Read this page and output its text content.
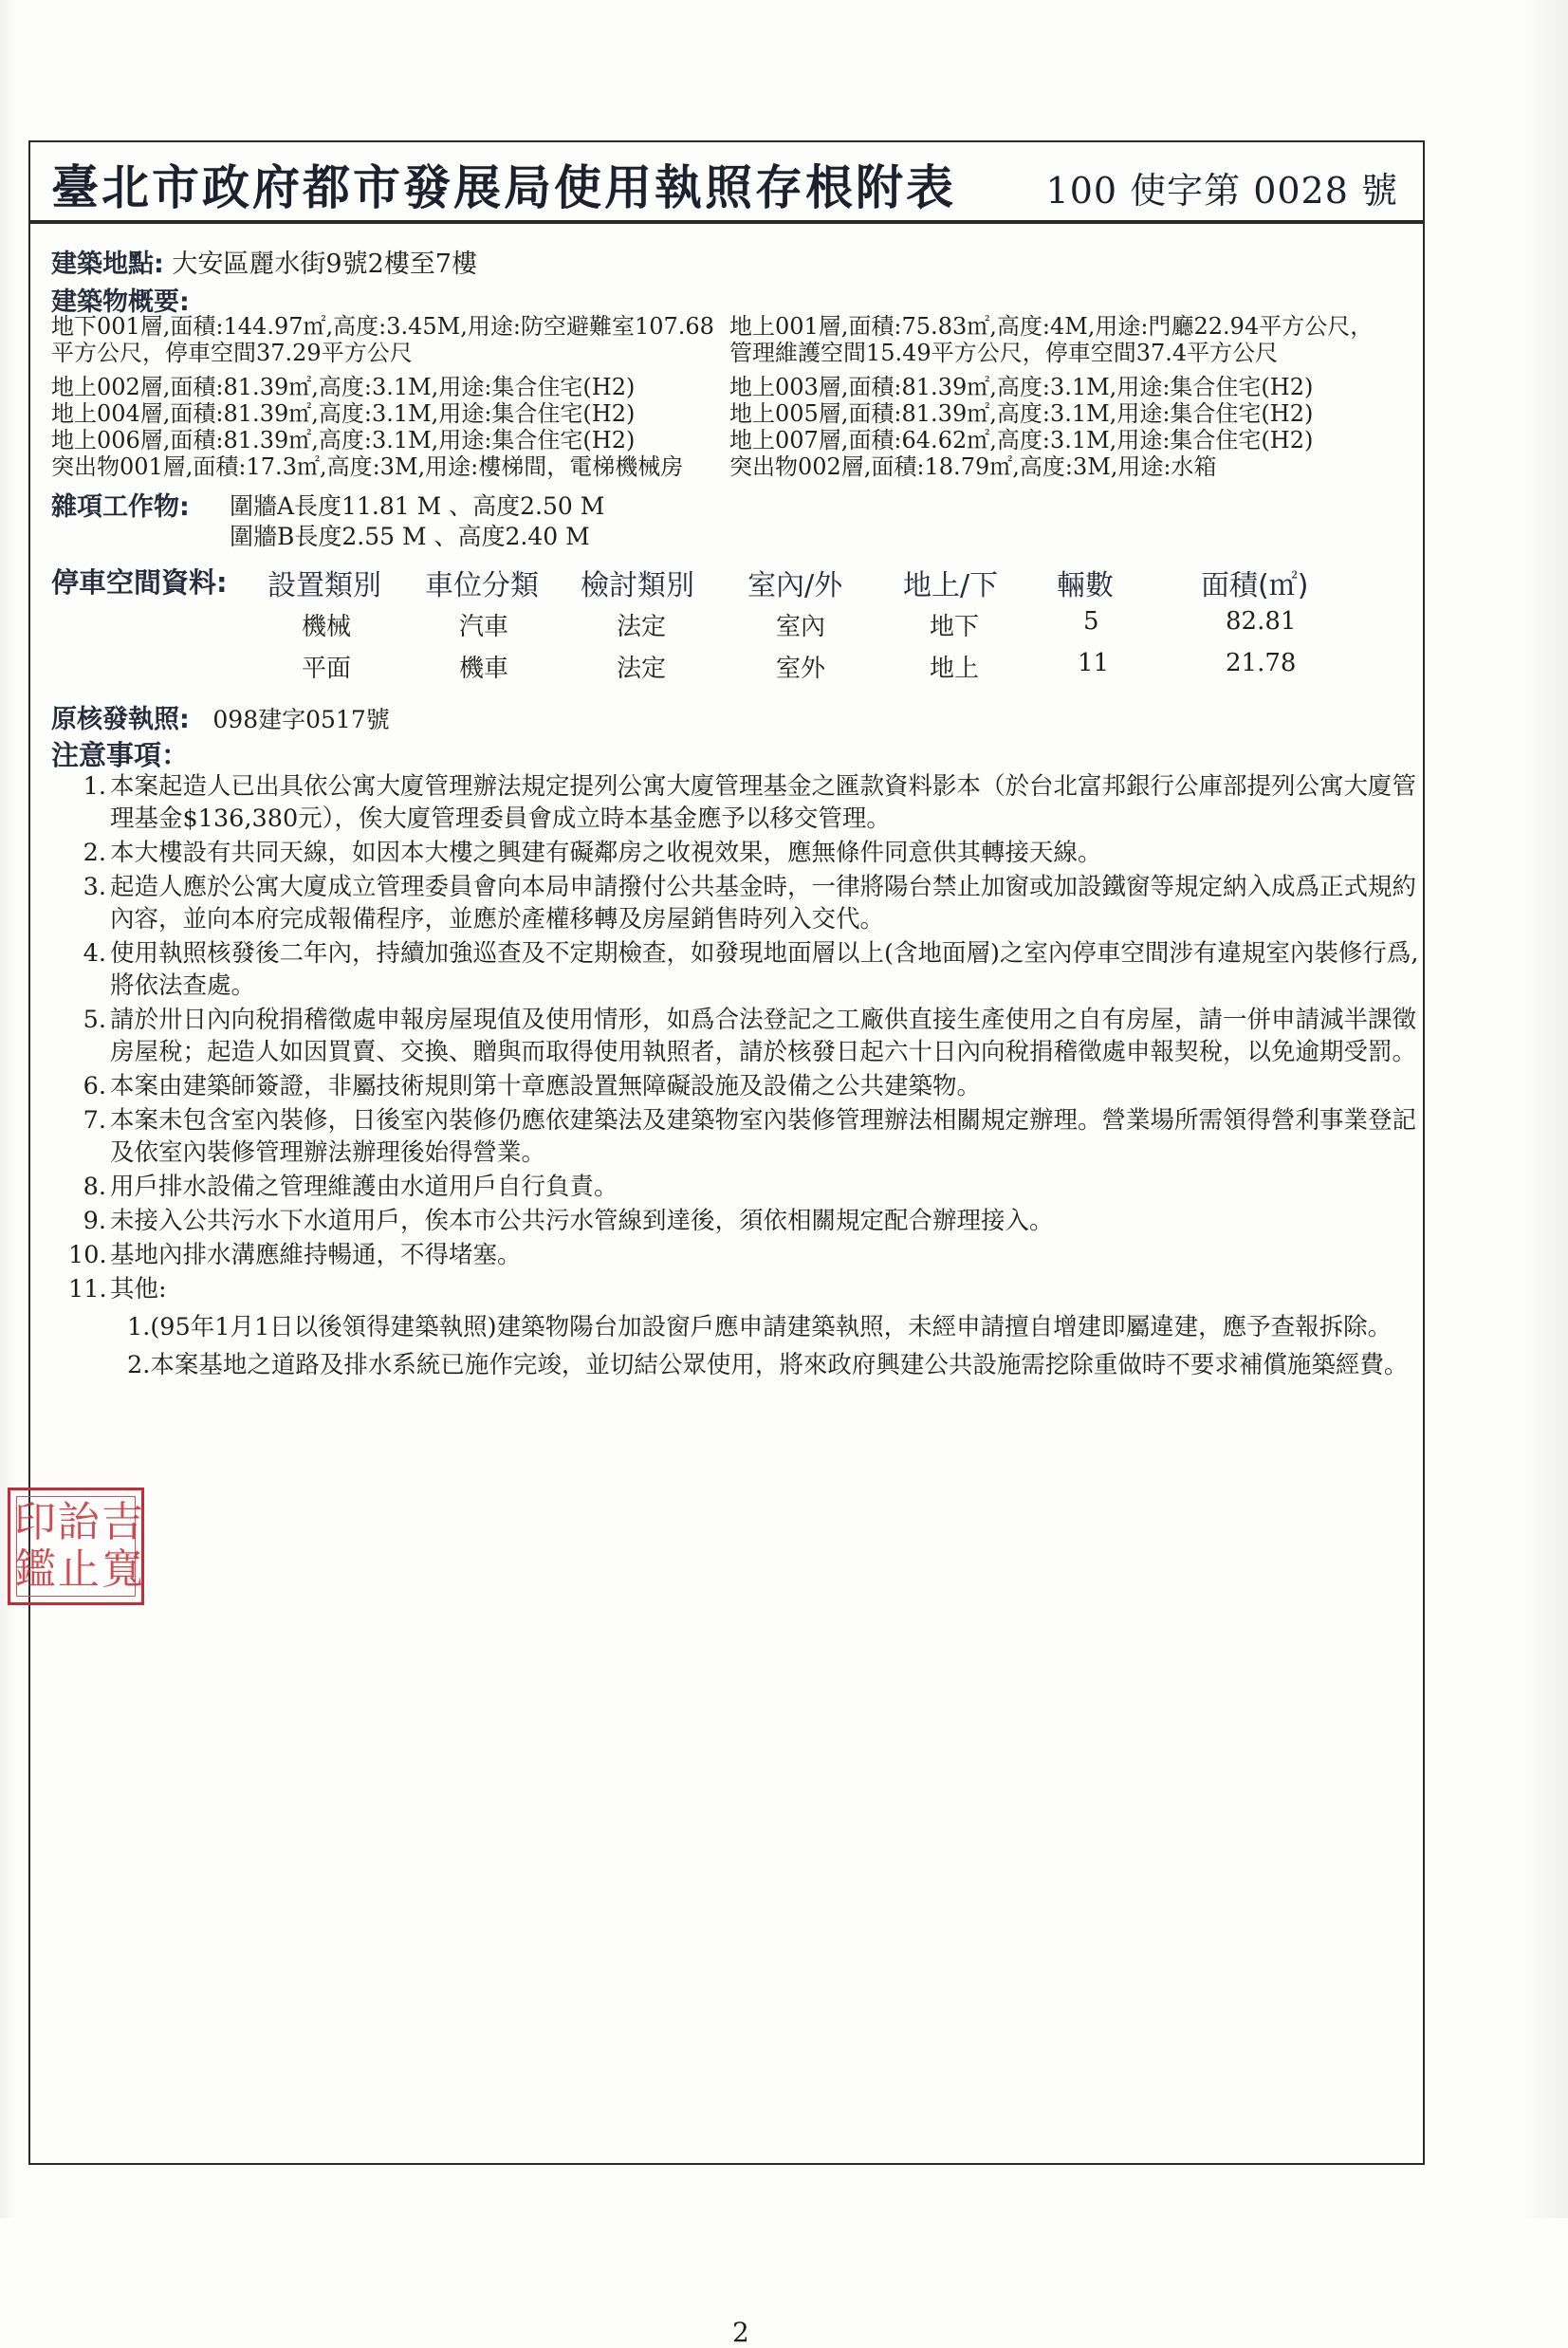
臺北市政府都市發展局使用執照存根附表 100 使字第 0028 號
建築地點: 大安區麗水街9號2樓至7樓
建築物概要:
地下001層,面積:144.97㎡,高度:3.45M,用途:防空避難室107.68
平方公尺，停車空間37.29平方公尺
地上002層,面積:81.39㎡,高度:3.1M,用途:集合住宅(H2)
地上004層,面積:81.39㎡,高度:3.1M,用途:集合住宅(H2)
地上006層,面積:81.39㎡,高度:3.1M,用途:集合住宅(H2)
突出物001層,面積:17.3㎡,高度:3M,用途:樓梯間，電梯機械房
地上001層,面積:75.83㎡,高度:4M,用途:門廳22.94平方公尺，
管理維護空間15.49平方公尺，停車空間37.4平方公尺
地上003層,面積:81.39㎡,高度:3.1M,用途:集合住宅(H2)
地上005層,面積:81.39㎡,高度:3.1M,用途:集合住宅(H2)
地上007層,面積:64.62㎡,高度:3.1M,用途:集合住宅(H2)
突出物002層,面積:18.79㎡,高度:3M,用途:水箱
雜項工作物: 圍牆A長度11.81 M 、高度2.50 M
圍牆B長度2.55 M 、高度2.40 M
停車空間資料: 設置類別 車位分類 檢討類別 室內/外 地上/下 輛數	面積(㎡)
機械	汽車	法定	室內	地下	5	82.81
平面	機車	法定	室外	地上	11	21.78
原核發執照: 098建字0517號
注意事項：
1. 本案起造人已出具依公寓大廈管理辦法規定提列公寓大廈管理基金之匯款資料影本（於台北富邦銀行公庫部提列公寓大廈管理基金$136,380元），俟大廈管理委員會成立時本基金應予以移交管理。
2. 本大樓設有共同天線，如因本大樓之興建有礙鄰房之收視效果，應無條件同意供其轉接天線。
3. 起造人應於公寓大廈成立管理委員會向本局申請撥付公共基金時，一律將陽台禁止加窗或加設鐵窗等規定納入成爲正式規約內容，並向本府完成報備程序，並應於產權移轉及房屋銷售時列入交代。
4. 使用執照核發後二年內，持續加強巡查及不定期檢查，如發現地面層以上(含地面層)之室內停車空間涉有違規室內裝修行爲,將依法查處。
5. 請於卅日內向稅捐稽徵處申報房屋現值及使用情形，如爲合法登記之工廠供直接生產使用之自有房屋，請一併申請減半課徵房屋稅；起造人如因買賣、交換、贈與而取得使用執照者，請於核發日起六十日內向稅捐稽徵處申報契稅，以免逾期受罰。
6. 本案由建築師簽證，非屬技術規則第十章應設置無障礙設施及設備之公共建築物。
7. 本案未包含室內裝修，日後室內裝修仍應依建築法及建築物室內裝修管理辦法相關規定辦理。營業場所需領得營利事業登記及依室內裝修管理辦法辦理後始得營業。
8. 用戶排水設備之管理維護由水道用戶自行負責。
9. 未接入公共污水下水道用戶，俟本市公共污水管線到達後，須依相關規定配合辦理接入。
10. 基地內排水溝應維持暢通，不得堵塞。
11. 其他:
1.(95年1月1日以後領得建築執照)建築物陽台加設窗戶應申請建築執照，未經申請擅自增建即屬違建，應予查報拆除。
2.本案基地之道路及排水系統已施作完竣，並切結公眾使用，將來政府興建公共設施需挖除重做時不要求補償施築經費。
2
吉
寬
詒
止
印
鑑
